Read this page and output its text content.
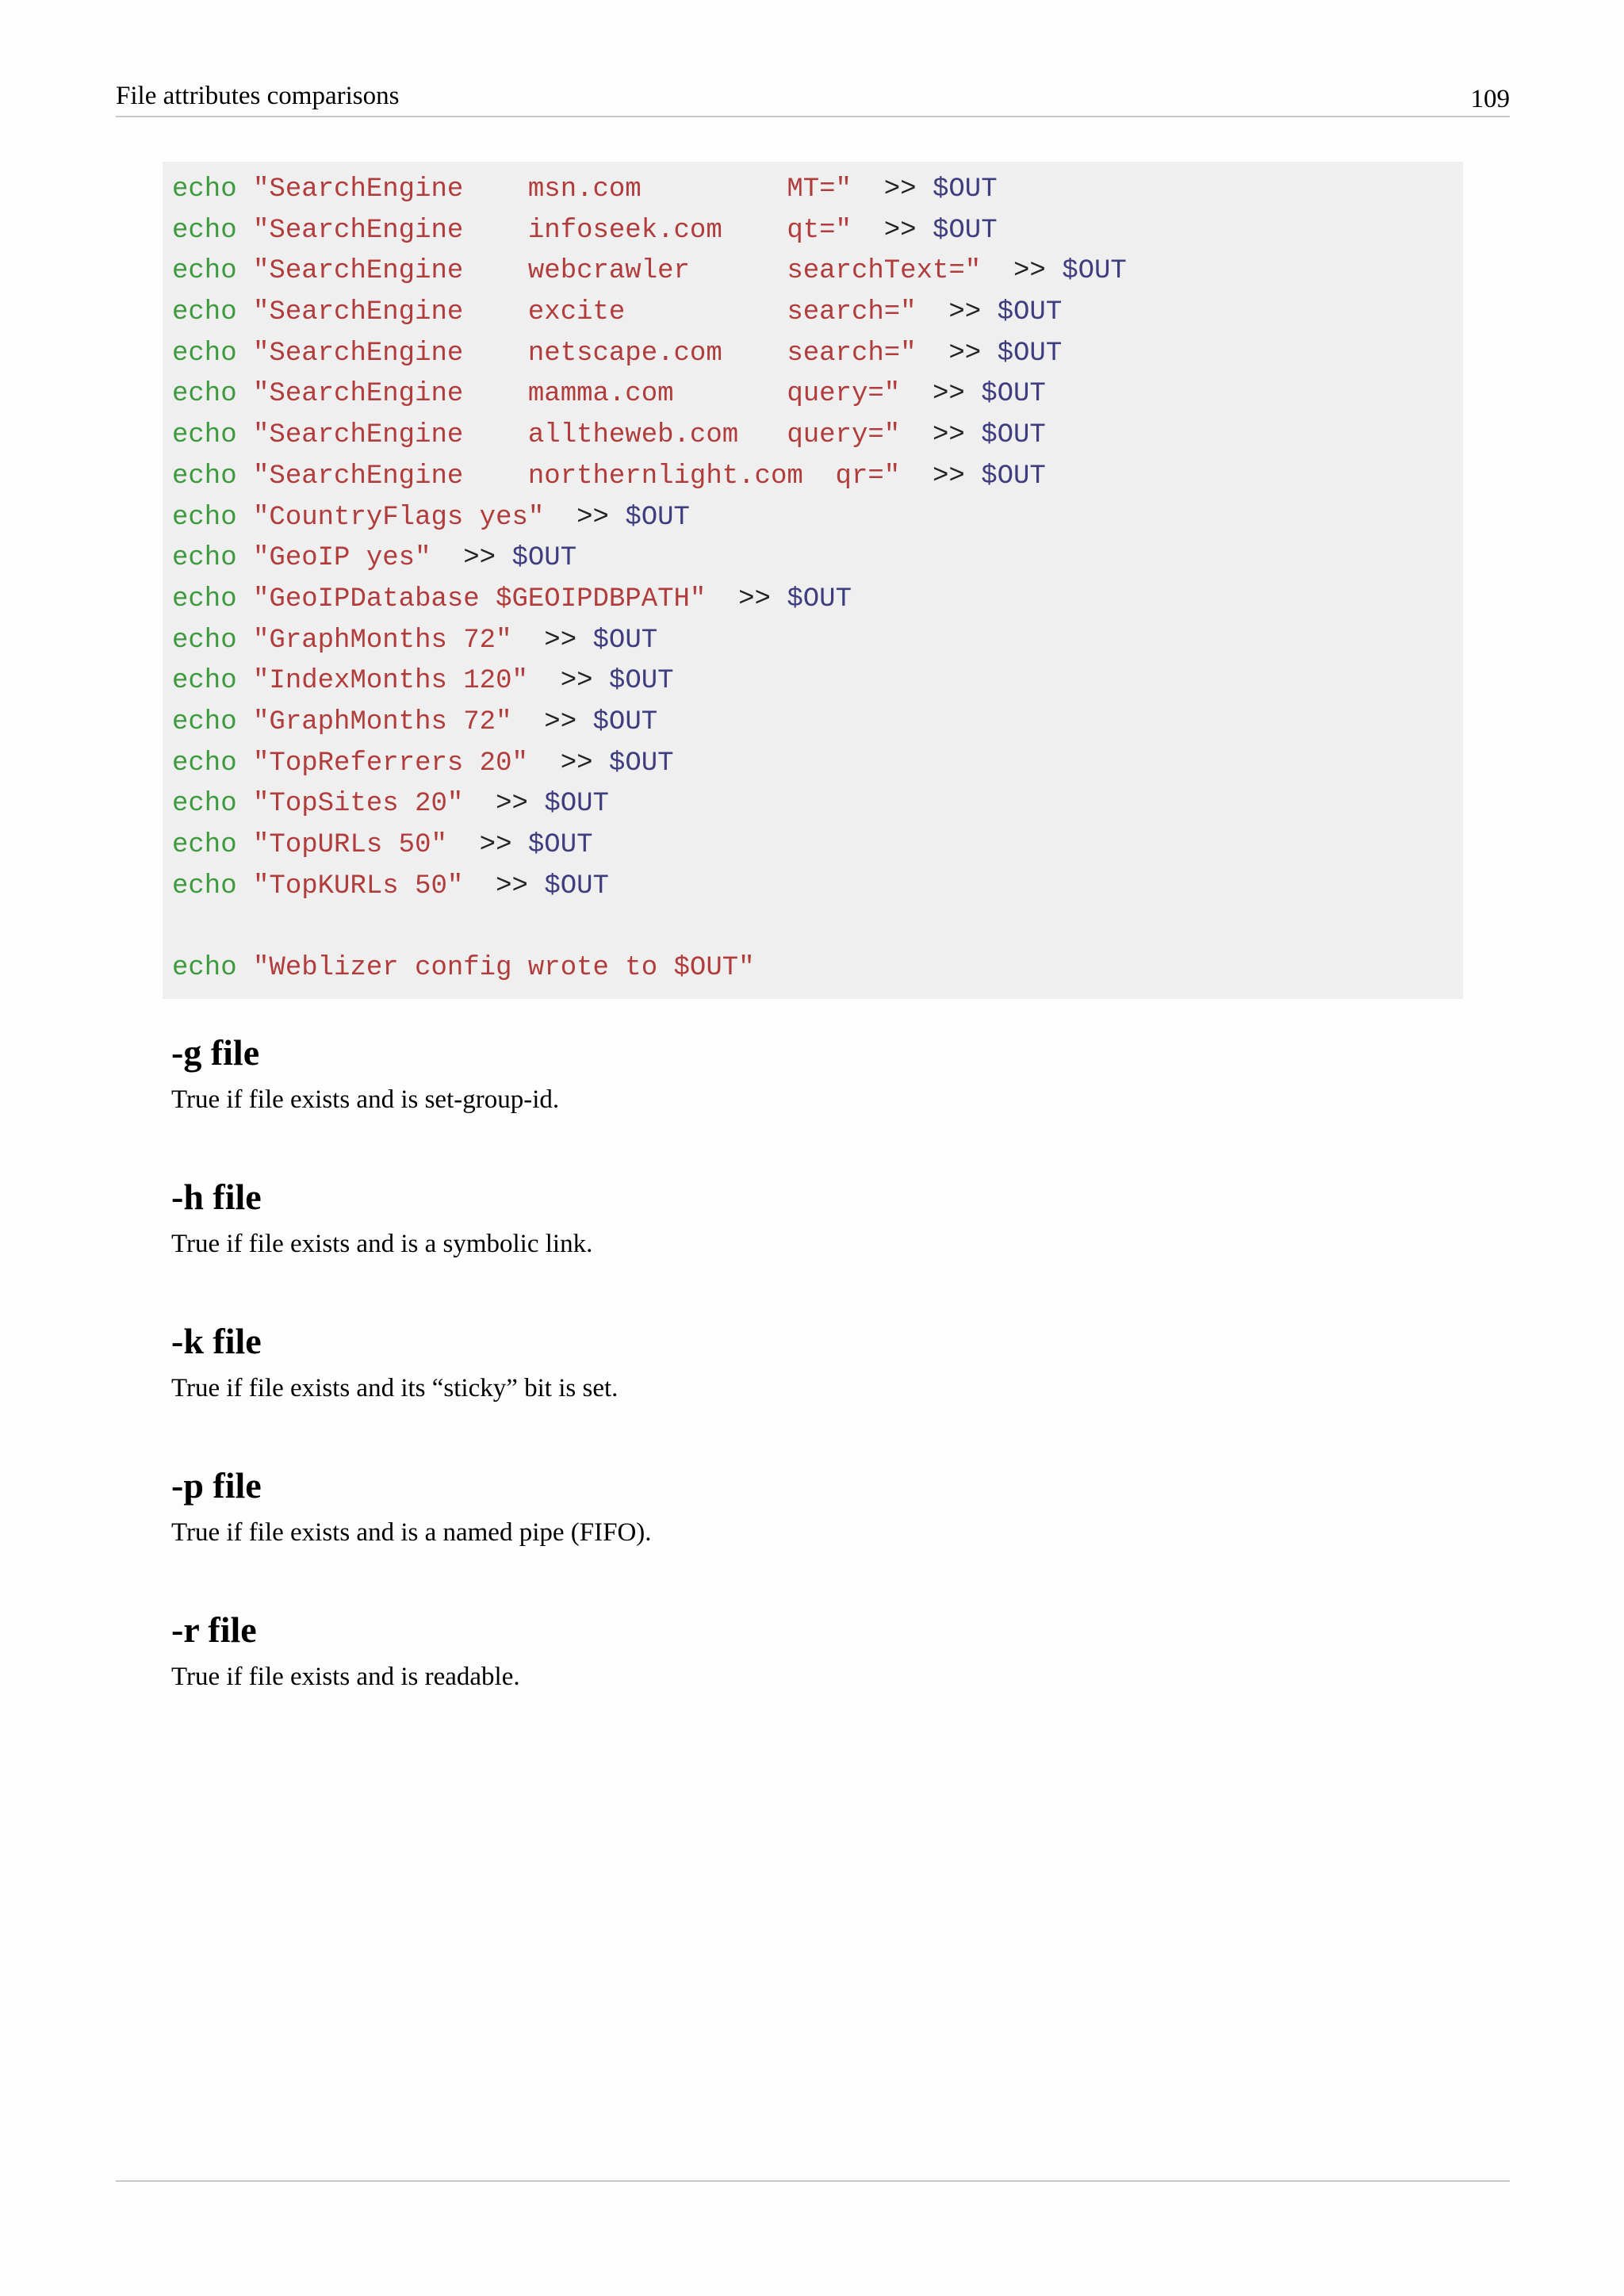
File attributes comparisons	109
echo "SearchEngine    msn.com         MT="  >> $OUT
echo "SearchEngine    infoseek.com    qt="  >> $OUT
echo "SearchEngine    webcrawler      searchText="  >> $OUT
echo "SearchEngine    excite          search="  >> $OUT
echo "SearchEngine    netscape.com    search="  >> $OUT
echo "SearchEngine    mamma.com       query="  >> $OUT
echo "SearchEngine    alltheweb.com   query="  >> $OUT
echo "SearchEngine    northernlight.com  qr="  >> $OUT
echo "CountryFlags yes"  >> $OUT
echo "GeoIP yes"  >> $OUT
echo "GeoIPDatabase $GEOIPDBPATH"  >> $OUT
echo "GraphMonths 72"  >> $OUT
echo "IndexMonths 120"  >> $OUT
echo "GraphMonths 72"  >> $OUT
echo "TopReferrers 20"  >> $OUT
echo "TopSites 20"  >> $OUT
echo "TopURLs 50"  >> $OUT
echo "TopKURLs 50"  >> $OUT
echo "Weblizer config wrote to $OUT"
-g file

True if file exists and is set-group-id.

-h file

True if file exists and is a symbolic link.

-k file

True if file exists and its “sticky” bit is set.

-p file

True if file exists and is a named pipe (FIFO).

-r file

True if file exists and is readable.
